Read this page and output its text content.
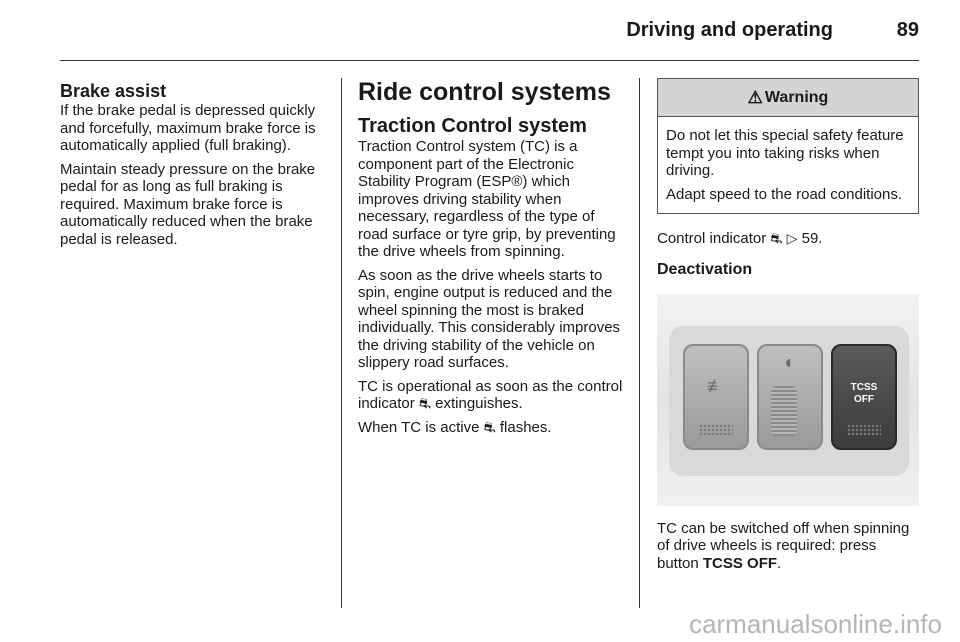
Driving and operating	89
Brake assist

If the brake pedal is depressed quickly and forcefully, maximum brake force is automatically applied (full braking).

Maintain steady pressure on the brake pedal for as long as full braking is required. Maximum brake force is automatically reduced when the brake pedal is released.

Ride control systems
Traction Control system

Traction Control system (TC) is a component part of the Electronic Stability Program (ESP®) which improves driving stability when necessary, regardless of the type of road surface or tyre grip, by preventing the drive wheels from spinning.

As soon as the drive wheels starts to spin, engine output is reduced and the wheel spinning the most is braked individually. This considerably improves the driving stability of the vehicle on slippery road surfaces.

TC is operational as soon as the control indicator ⛐ extinguishes.

When TC is active ⛐ flashes.

⚠ Warning

Do not let this special safety feature tempt you into taking risks when driving.

Adapt speed to the road conditions.

Control indicator ⛐ ▷ 59.

Deactivation
≢
◐
TCSS
OFF

TC can be switched off when spinning of drive wheels is required: press button TCSS OFF.

carmanualsonline.info
